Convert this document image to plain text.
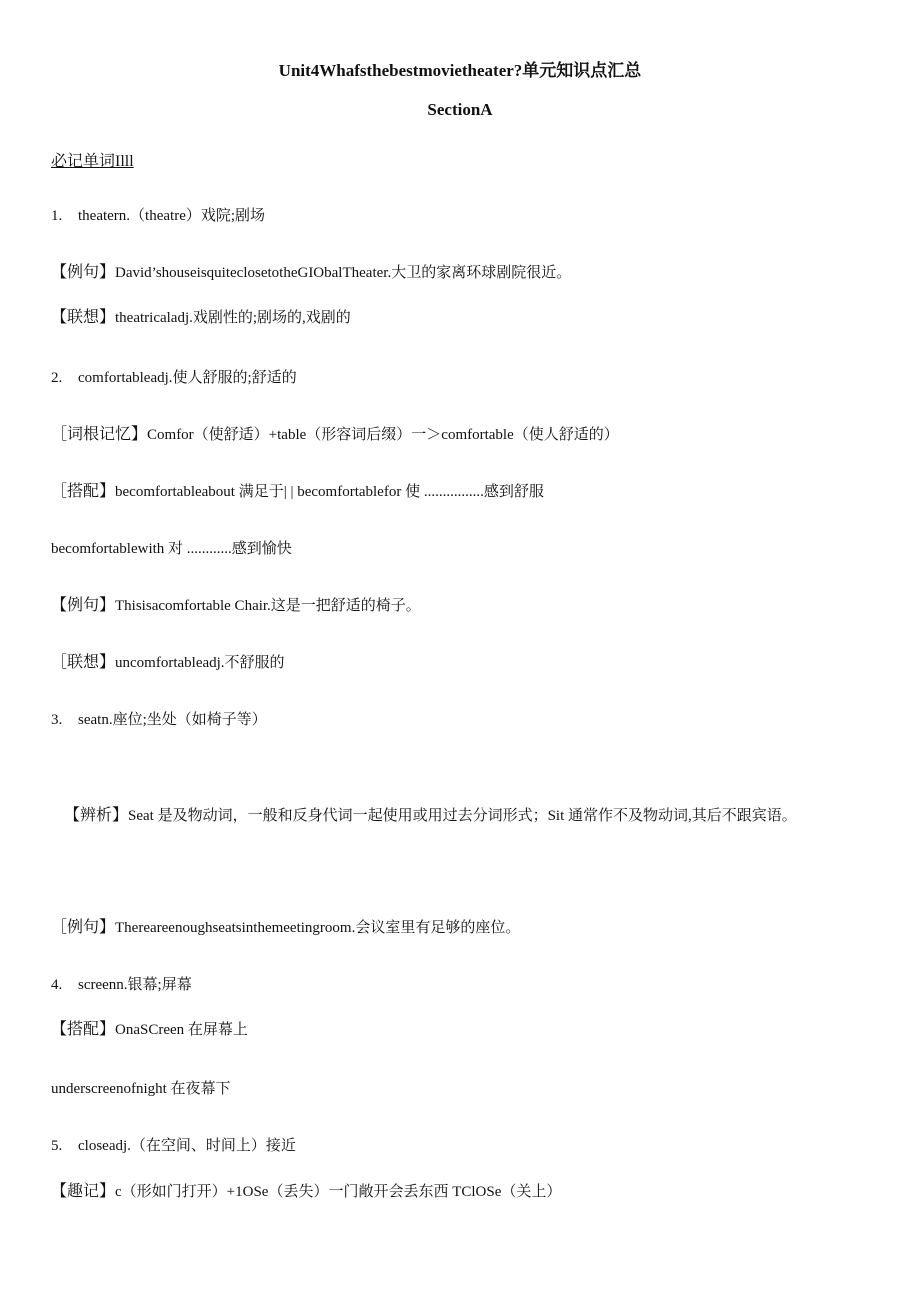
Unit4Whafsthebestmovietheater?单元知识点汇总
SectionA
必记单词Illl
1. theatern.（theatre）戏院;剧场
【例句】David’shouseisquiteclosetotheGIObalTheater.大卫的家离环球剧院很近。
【联想】theatricaladj.戏剧性的;剧场的,戏剧的
2. comfortableadj.使人舒服的;舒适的
［词根记忆】Comfor（使舒适）+table（形容词后缀）一＞comfortable（使人舒适的）
［搭配】becomfortableabout 满足于| | becomfortablefor 使 ................感到舒服
becomfortablewith 对 ............感到愉快
【例句】Thisisacomfortable Chair.这是一把舒适的椅子。
［联想】uncomfortableadj.不舒服的
3. seatn.座位;坐处（如椅子等）
【辨析】Seat 是及物动词，一般和反身代词一起使用或用过去分词形式；Sit 通常作不及物动词,其后不跟宾语。
［例句】Thereareenoughseatsinthemeetingroom.会议室里有足够的座位。
4. screenn.银幕;屏幕
【搭配】OnaSCreen 在屏幕上
underscreenofnight 在夜幕下
5. closeadj.（在空间、时间上）接近
【趣记】c（形如门打开）+1OSe（丢失）一门敞开会丢东西 TClOSe（关上）
